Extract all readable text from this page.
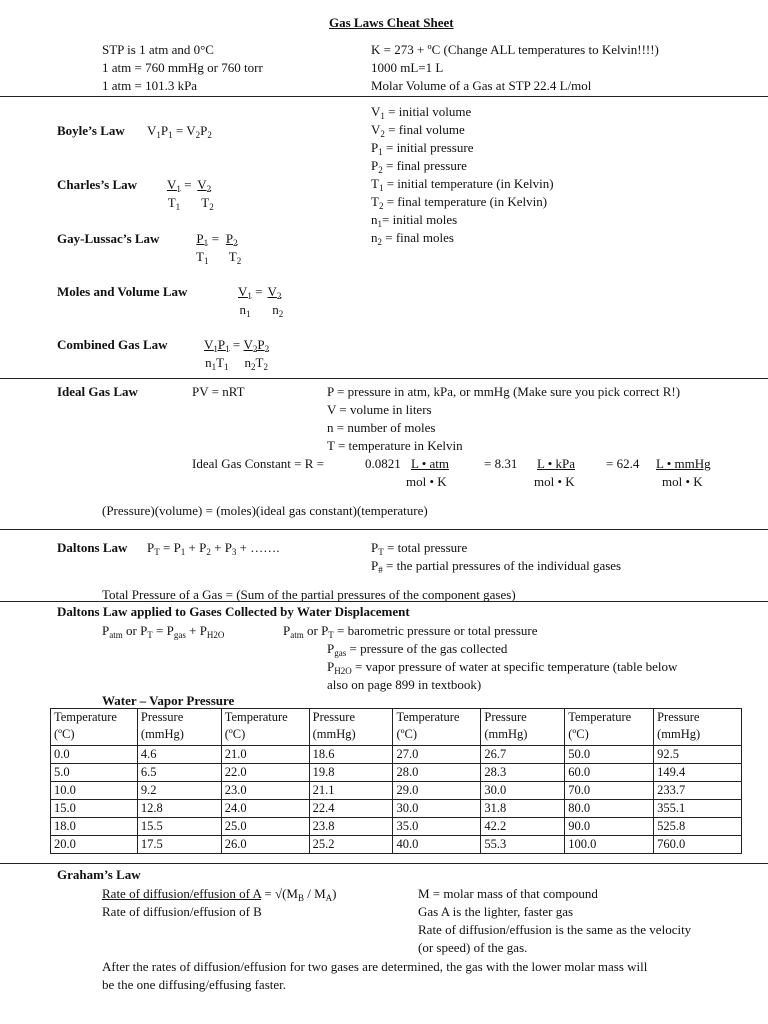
Gas Laws Cheat Sheet
STP is 1 atm and 0°C
1 atm = 760 mmHg or 760 torr
1 atm = 101.3 kPa
K = 273 + ºC (Change ALL temperatures to Kelvin!!!!)
1000 mL=1 L
Molar Volume of a Gas at STP 22.4 L/mol
$V_1$ = initial volume
$V_2$ = final volume
$P_1$ = initial pressure
$P_2$ = final pressure
$T_1$ = initial temperature (in Kelvin)
$T_2$ = final temperature (in Kelvin)
$n_1=$ initial moles
$n_2$ = final moles
Boyle’s Law $V_1P_1 = V_2P_2$
Charles’s Law $\frac{V_1}{T_1} = \frac{V_2}{T_2}$
Gay-Lussac’s Law	$\frac{P_1}{T_1} = \frac{P_2}{T_2}$
Moles and Volume Law	$\frac{V_1}{n_1} = \frac{V_2}{n_2}$
Combined Gas Law	$\frac{V_1P_1}{n_1T_1} = \frac{V_2P_2}{n_2T_2}$
Ideal Gas Law	PV = nRT	P = pressure in atm, kPa, or mmHg (Make sure you pick correct R!)
V = volume in liters
n = number of moles
T = temperature in Kelvin
Ideal Gas Constant = R =	0.0821 L • atm
mol • K
= 8.31 L • kPa
mol • K
= 62.4 L • mmHg
mol • K
(Pressure)(volume) = (moles)(ideal gas constant)(temperature)
Daltons Law $P_T = P_1 + P_2 + P_3$ + …….	$P_T$ = total pressure
$P_{\#}$ = the partial pressures of the individual gases
Total Pressure of a Gas = (Sum of the partial pressures of the component gases)
Daltons Law applied to Gases Collected by Water Displacement
$P_{atm}$ or $P_T = P_{gas} + P_{H2O}$	$P_{atm}$ or $P_T$ = barometric pressure or total pressure
$P_{gas}$ = pressure of the gas collected
$P_{H2O}$ = vapor pressure of water at specific temperature (table below
also on page 899 in textbook)
Water – Vapor Pressure
Temperature (ºC)	Pressure (mmHg)	Temperature (ºC)	Pressure (mmHg)	Temperature (ºC)	Pressure (mmHg)	Temperature (ºC)	Pressure (mmHg)
0.0	4.6	21.0	18.6	27.0	26.7	50.0	92.5
5.0	6.5	22.0	19.8	28.0	28.3	60.0	149.4
10.0	9.2	23.0	21.1	29.0	30.0	70.0	233.7
15.0	12.8	24.0	22.4	30.0	31.8	80.0	355.1
18.0	15.5	25.0	23.8	35.0	42.2	90.0	525.8
20.0	17.5	26.0	25.2	40.0	55.3	100.0	760.0
Graham’s Law
Rate of diffusion/effusion of $A = √(M_B / M_A)$
Rate of diffusion/effusion of B
M = molar mass of that compound
Gas A is the lighter, faster gas
Rate of diffusion/effusion is the same as the velocity
(or speed) of the gas.
After the rates of diffusion/effusion for two gases are determined, the gas with the lower molar mass will
be the one diffusing/effusing faster.
